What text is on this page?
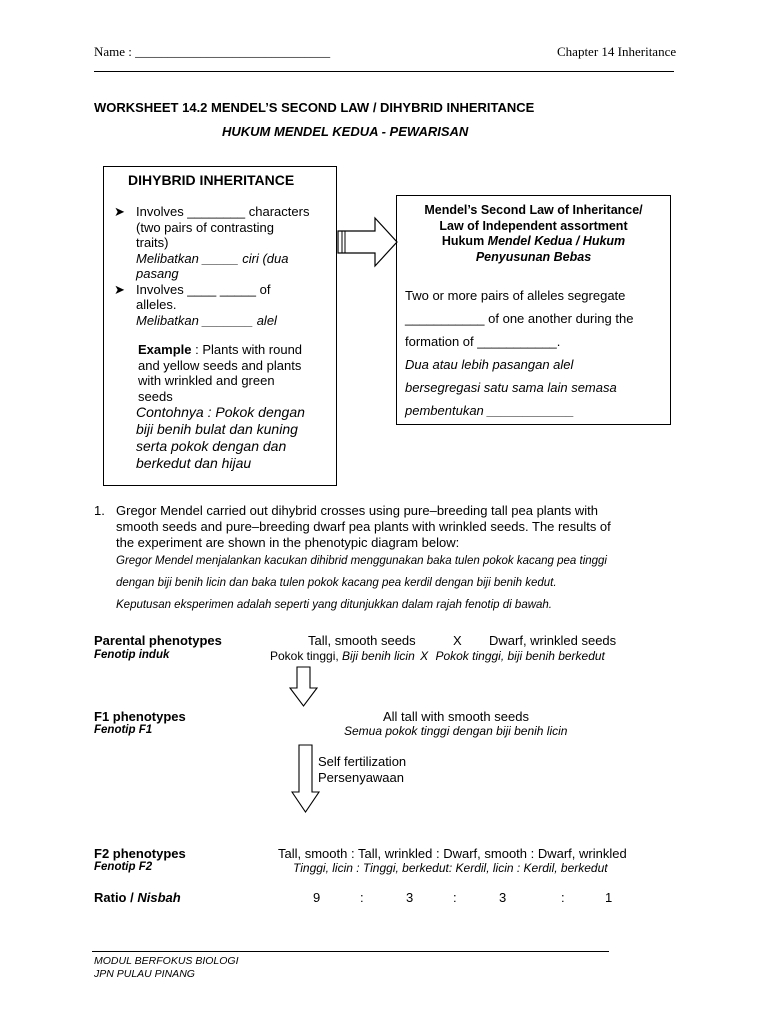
Name : ______________________________	Chapter 14 Inheritance
WORKSHEET 14.2 MENDEL’S SECOND LAW / DIHYBRID INHERITANCE
HUKUM MENDEL KEDUA - PEWARISAN
DIHYBRID INHERITANCE
➤ Involves ________ characters
(two pairs of contrasting
traits)
Melibatkan _____ ciri (dua
pasang
➤ Involves ____ _____ of
alleles.
Melibatkan _______ alel
Example : Plants with round
and yellow seeds and plants
with wrinkled and green
seeds
Contohnya : Pokok dengan
biji benih bulat dan kuning
serta pokok dengan dan
berkedut dan hijau
Mendel’s Second Law of Inheritance/
Law of Independent assortment
Hukum Mendel Kedua / Hukum
Penyusunan Bebas
Two or more pairs of alleles segregate
___________ of one another during the
formation of ___________.
Dua atau lebih pasangan alel
bersegregasi satu sama lain semasa
pembentukan ____________
1. Gregor Mendel carried out dihybrid crosses using pure–breeding tall pea plants with
smooth seeds and pure–breeding dwarf pea plants with wrinkled seeds. The results of
the experiment are shown in the phenotypic diagram below:
Gregor Mendel menjalankan kacukan dihibrid menggunakan baka tulen pokok kacang pea tinggi
dengan biji benih licin dan baka tulen pokok kacang pea kerdil dengan biji benih kedut.
Keputusan eksperimen adalah seperti yang ditunjukkan dalam rajah fenotip di bawah.
Parental phenotypes
Fenotip induk
Tall, smooth seeds	X Dwarf, wrinkled seeds
Pokok tinggi, Biji benih licin X Pokok tinggi, biji benih berkedut
F1 phenotypes
Fenotip F1
All tall with smooth seeds
Semua pokok tinggi dengan biji benih licin
Self fertilization
Persenyawaan
F2 phenotypes
Fenotip F2
Tall, smooth : Tall, wrinkled : Dwarf, smooth : Dwarf, wrinkled
Tinggi, licin : Tinggi, berkedut: Kerdil, licin : Kerdil, berkedut
Ratio / Nisbah	9	:	3	:	3	:	1
MODUL BERFOKUS BIOLOGI
JPN PULAU PINANG
